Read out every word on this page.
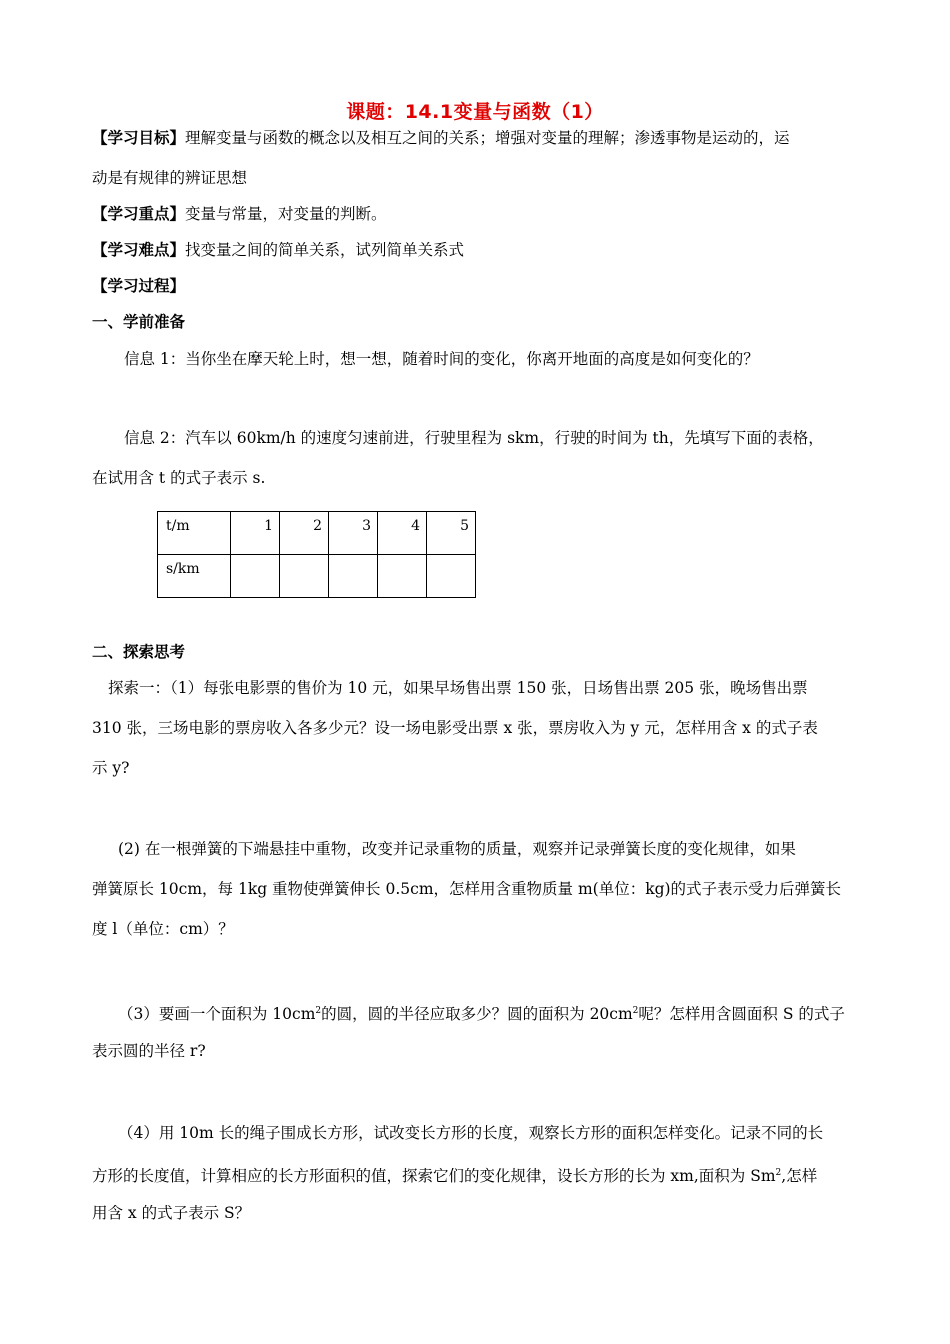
课题：14.1变量与函数（1）
【学习目标】理解变量与函数的概念以及相互之间的关系；增强对变量的理解；渗透事物是运动的，运
动是有规律的辨证思想
【学习重点】变量与常量，对变量的判断。
【学习难点】找变量之间的简单关系，试列简单关系式
【学习过程】
一、学前准备
信息 1：当你坐在摩天轮上时，想一想，随着时间的变化，你离开地面的高度是如何变化的？
信息 2：汽车以 60km/h 的速度匀速前进，行驶里程为 skm，行驶的时间为 th，先填写下面的表格，
在试用含 t 的式子表示 s.
t/m	1	2	3	4	5
s/km					
二、探索思考
探索一：（1）每张电影票的售价为 10 元，如果早场售出票 150 张，日场售出票 205 张，晚场售出票
310 张，三场电影的票房收入各多少元？设一场电影受出票 x 张，票房收入为 y 元，怎样用含 x 的式子表
示 y?
(2) 在一根弹簧的下端悬挂中重物，改变并记录重物的质量，观察并记录弹簧长度的变化规律，如果
弹簧原长 10cm，每 1kg 重物使弹簧伸长 0.5cm，怎样用含重物质量 m(单位：kg)的式子表示受力后弹簧长
度 l（单位：cm）？
（3）要画一个面积为 $10cm^2$的圆，圆的半径应取多少？圆的面积为 $20cm^2$呢？怎样用含圆面积 S 的式子
表示圆的半径 r?
（4）用 10m 长的绳子围成长方形，试改变长方形的长度，观察长方形的面积怎样变化。记录不同的长
方形的长度值，计算相应的长方形面积的值，探索它们的变化规律，设长方形的长为 xm,面积为 Sm$^2$,怎样
用含 x 的式子表示 S？
